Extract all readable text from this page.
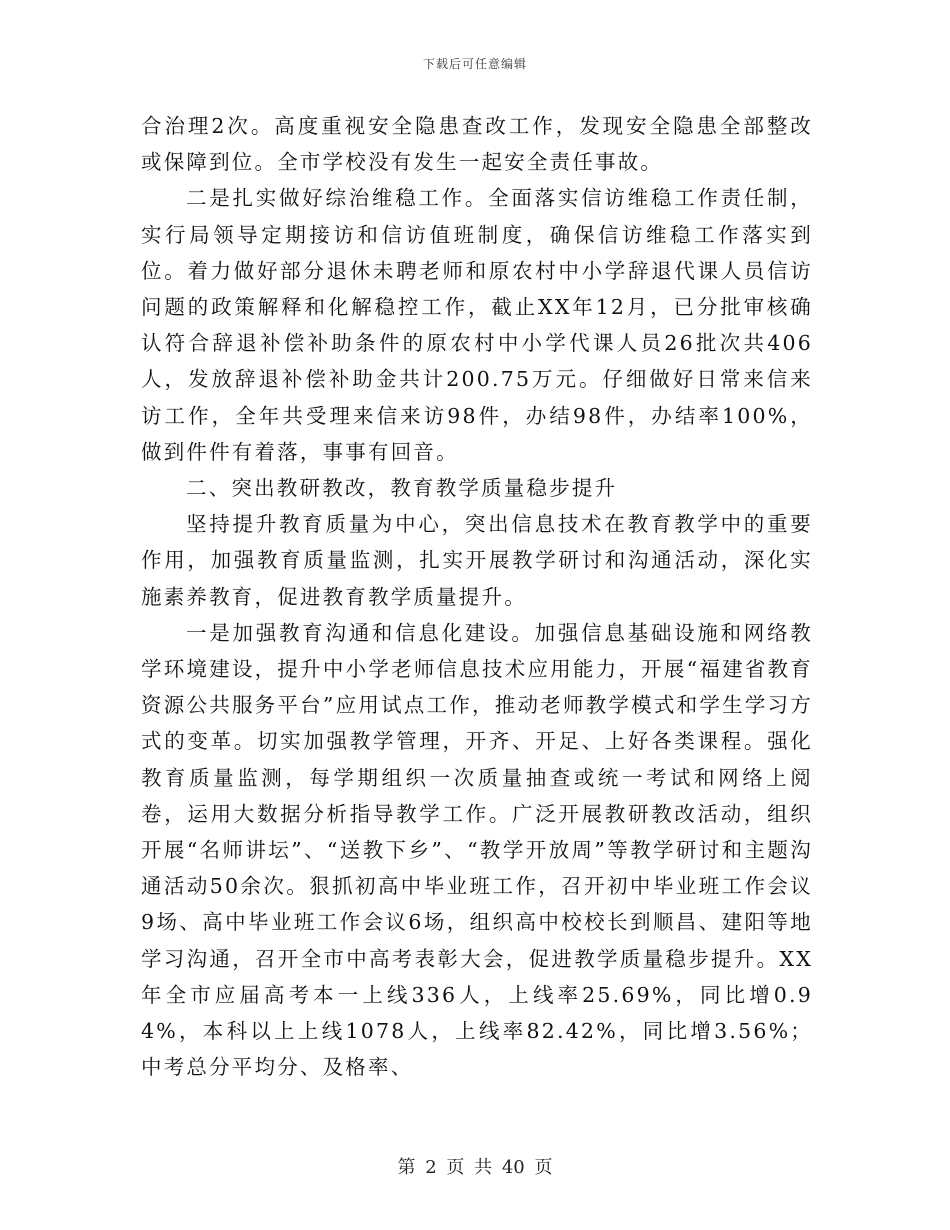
下载后可任意编辑

合治理2次。高度重视安全隐患查改工作，发现安全隐患全部整改或保障到位。全市学校没有发生一起安全责任事故。

二是扎实做好综治维稳工作。全面落实信访维稳工作责任制，实行局领导定期接访和信访值班制度，确保信访维稳工作落实到位。着力做好部分退休未聘老师和原农村中小学辞退代课人员信访问题的政策解释和化解稳控工作，截止XX年12月，已分批审核确认符合辞退补偿补助条件的原农村中小学代课人员26批次共406人，发放辞退补偿补助金共计200.75万元。仔细做好日常来信来访工作，全年共受理来信来访98件，办结98件，办结率100%，做到件件有着落，事事有回音。

二、突出教研教改，教育教学质量稳步提升

坚持提升教育质量为中心，突出信息技术在教育教学中的重要作用，加强教育质量监测，扎实开展教学研讨和沟通活动，深化实施素养教育，促进教育教学质量提升。

一是加强教育沟通和信息化建设。加强信息基础设施和网络教学环境建设，提升中小学老师信息技术应用能力，开展“福建省教育资源公共服务平台”应用试点工作，推动老师教学模式和学生学习方式的变革。切实加强教学管理，开齐、开足、上好各类课程。强化教育质量监测，每学期组织一次质量抽查或统一考试和网络上阅卷，运用大数据分析指导教学工作。广泛开展教研教改活动，组织开展“名师讲坛”、“送教下乡”、“教学开放周”等教学研讨和主题沟通活动50余次。狠抓初高中毕业班工作，召开初中毕业班工作会议9场、高中毕业班工作会议6场，组织高中校校长到顺昌、建阳等地学习沟通，召开全市中高考表彰大会，促进教学质量稳步提升。XX年全市应届高考本一上线336人，上线率25.69%，同比增0.94%，本科以上上线1078人，上线率82.42%，同比增3.56%；中考总分平均分、及格率、

第 2 页 共 40 页
